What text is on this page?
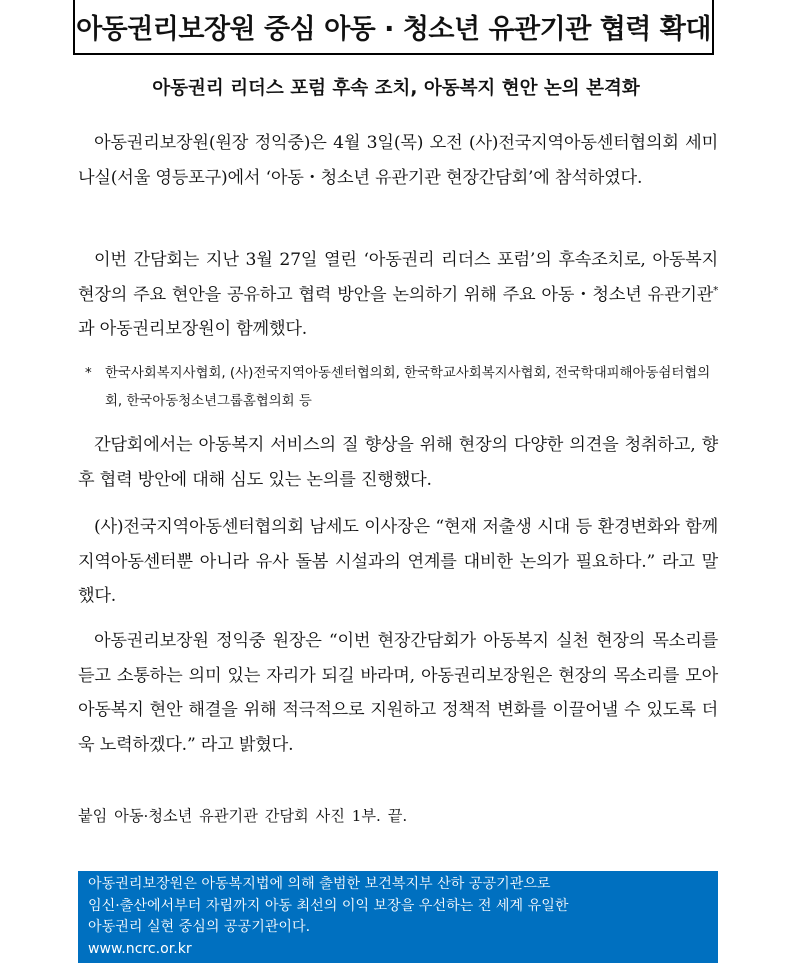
아동권리보장원 중심 아동 · 청소년 유관기관 협력 확대
아동권리 리더스 포럼 후속 조치, 아동복지 현안 논의 본격화

아동권리보장원(원장 정익중)은 4월 3일(목) 오전 (사)전국지역아동센터협의회 세미나실(서울 영등포구)에서 ‘아동・청소년 유관기관 현장간담회’에 참석하였다.

이번 간담회는 지난 3월 27일 열린 ‘아동권리 리더스 포럼’의 후속조치로, 아동복지 현장의 주요 현안을 공유하고 협력 방안을 논의하기 위해 주요 아동・청소년 유관기관*과 아동권리보장원이 함께했다.

* 한국사회복지사협회, (사)전국지역아동센터협의회, 한국학교사회복지사협회, 전국학대피해아동쉼터협의회, 한국아동청소년그룹홈협의회 등

간담회에서는 아동복지 서비스의 질 향상을 위해 현장의 다양한 의견을 청취하고, 향후 협력 방안에 대해 심도 있는 논의를 진행했다.

(사)전국지역아동센터협의회 남세도 이사장은 “현재 저출생 시대 등 환경변화와 함께 지역아동센터뿐 아니라 유사 돌봄 시설과의 연계를 대비한 논의가 필요하다.” 라고 말했다.

아동권리보장원 정익중 원장은 “이번 현장간담회가 아동복지 실천 현장의 목소리를 듣고 소통하는 의미 있는 자리가 되길 바라며, 아동권리보장원은 현장의 목소리를 모아 아동복지 현안 해결을 위해 적극적으로 지원하고 정책적 변화를 이끌어낼 수 있도록 더욱 노력하겠다.” 라고 밝혔다.

붙임 아동·청소년 유관기관 간담회 사진 1부. 끝.
아동권리보장원은 아동복지법에 의해 출범한 보건복지부 산하 공공기관으로
임신·출산에서부터 자립까지 아동 최선의 이익 보장을 우선하는 전 세계 유일한
아동권리 실현 중심의 공공기관이다.
www.ncrc.or.kr
